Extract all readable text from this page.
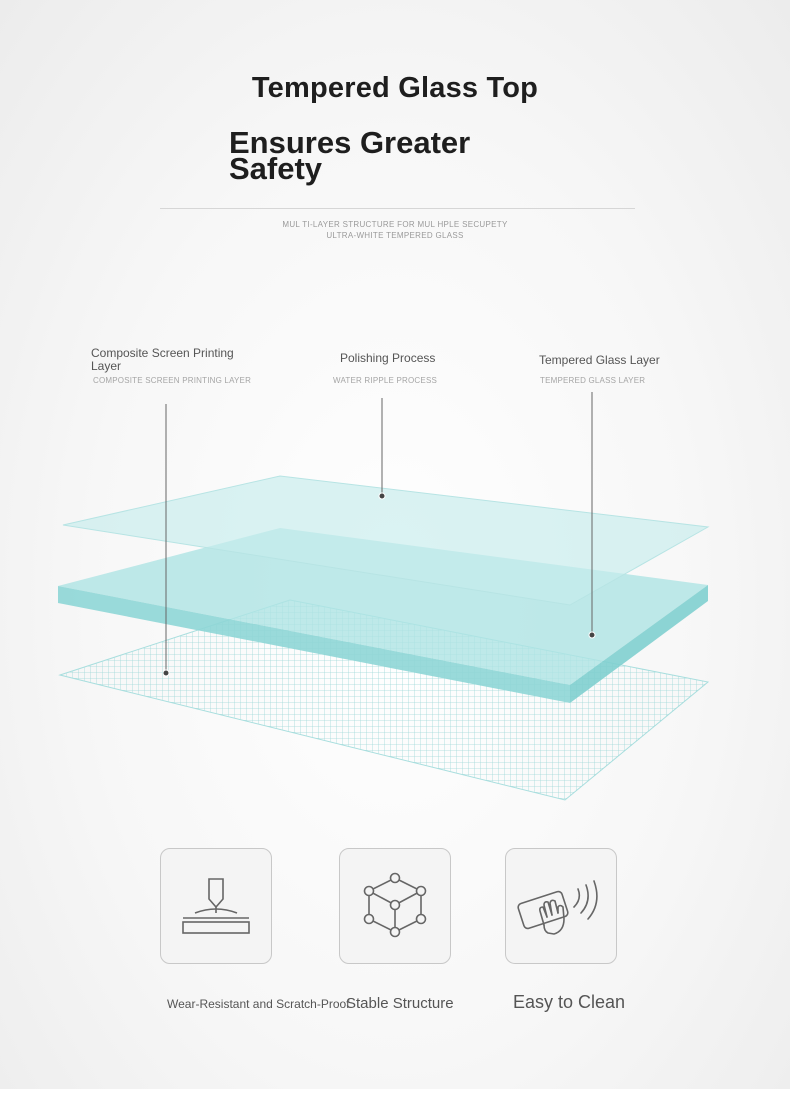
Tempered Glass Top
Ensures Greater Safety
MUL TI-LAYER STRUCTURE FOR MUL HPLE SECUPETY
ULTRA-WHITE TEMPERED GLASS
Composite Screen Printing Layer
COMPOSITE SCREEN PRINTING LAYER
Polishing Process
WATER RIPPLE PROCESS
Tempered Glass Layer
TEMPERED GLASS LAYER
Wear-Resistant and Scratch-Proof
Stable Structure	Easy to Clean
